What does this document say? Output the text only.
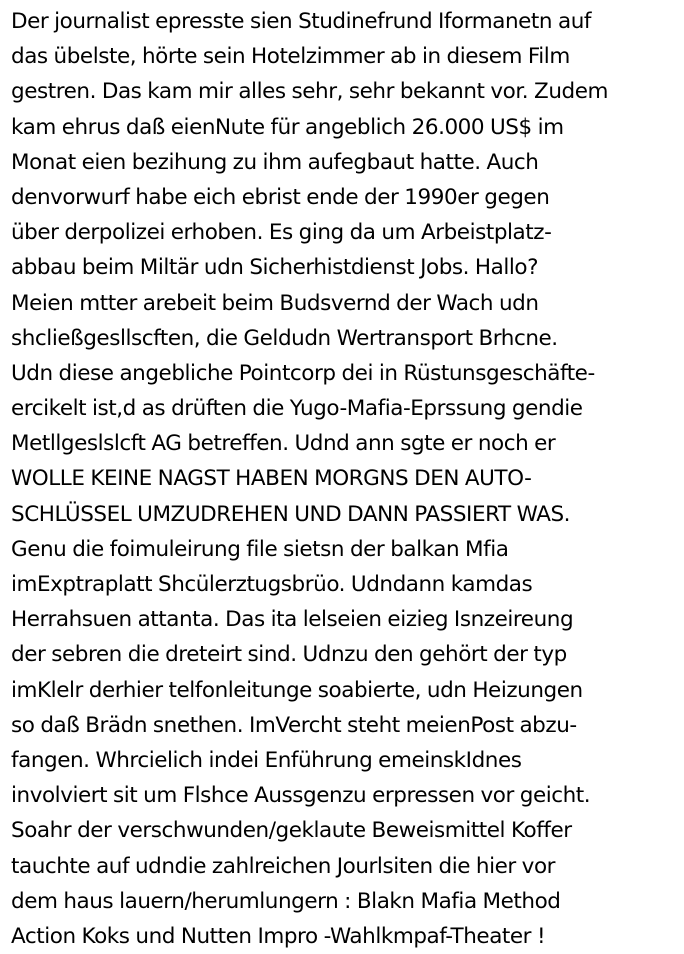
Der journalist epresste sien Studinefrund Iformanetn auf
das übelste, hörte sein Hotelzimmer ab in diesem Film
gestren. Das kam mir alles sehr, sehr bekannt vor. Zudem
kam ehrus daß eienNute für angeblich 26.000 US$ im
Monat eien bezihung zu ihm aufegbaut hatte. Auch
denvorwurf habe eich ebrist ende der 1990er gegen
über derpolizei erhoben. Es ging da um Arbeistplatz-
abbau beim Miltär udn Sicherhistdienst Jobs. Hallo?
Meien mtter arebeit beim Budsvernd der Wach udn
shcließgesllscften, die Geldudn Wertransport Brhcne.
Udn diese angebliche Pointcorp dei in Rüstunsgeschäfte-
ercikelt ist,d as drüften die Yugo-Mafia-Eprssung gendie
Metllgeslslcft AG betreffen. Udnd ann sgte er noch er
WOLLE KEINE NAGST HABEN MORGNS DEN AUTO-
SCHLÜSSEL UMZUDREHEN UND DANN PASSIERT WAS.
Genu die foimuleirung file sietsn der balkan Mfia
imExptraplatt Shcülerztugsbrüo. Udndann kamdas
Herrahsuen attanta. Das ita lelseien eizieg Isnzeireung
der sebren die dreteirt sind. Udnzu den gehört der typ
imKlelr derhier telfonleitunge soabierte, udn Heizungen
so daß Brädn snethen. ImVercht steht meienPost abzu-
fangen. Whrcielich indei Enführung emeinskIdnes
involviert sit um Flshce Aussgenzu erpressen vor geicht.
Soahr der verschwunden/geklaute Beweismittel Koffer
tauchte auf udndie zahlreichen Jourlsiten die hier vor
dem haus lauern/herumlungern : Blakn Mafia Method
Action Koks und Nutten Impro -Wahlkmpaf-Theater !
